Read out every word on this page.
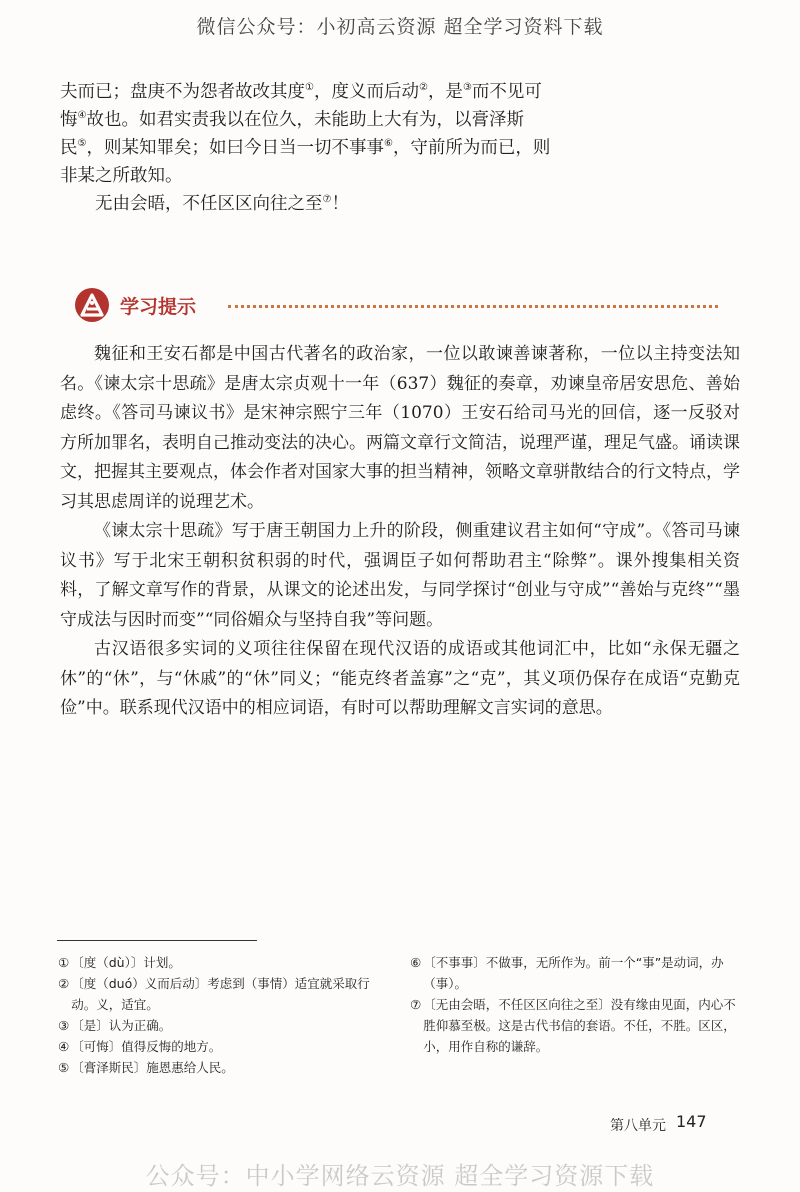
微信公众号：小初高云资源 超全学习资料下载

夫而已；盘庚不为怨者故改其度①，度义而后动②，是③而不见可
悔④故也。如君实责我以在位久，未能助上大有为，以膏泽斯
民⑤，则某知罪矣；如曰今日当一切不事事⑥，守前所为而已，则
非某之所敢知。

无由会晤，不任区区向往之至⑦！

学习提示

魏征和王安石都是中国古代著名的政治家，一位以敢谏善谏著称，一位以主持变法知名。《谏太宗十思疏》是唐太宗贞观十一年（637）魏征的奏章，劝谏皇帝居安思危、善始虑终。《答司马谏议书》是宋神宗熙宁三年（1070）王安石给司马光的回信，逐一反驳对方所加罪名，表明自己推动变法的决心。两篇文章行文简洁，说理严谨，理足气盛。诵读课文，把握其主要观点，体会作者对国家大事的担当精神，领略文章骈散结合的行文特点，学习其思虑周详的说理艺术。

《谏太宗十思疏》写于唐王朝国力上升的阶段，侧重建议君主如何“守成”。《答司马谏议书》写于北宋王朝积贫积弱的时代，强调臣子如何帮助君主“除弊”。课外搜集相关资料，了解文章写作的背景，从课文的论述出发，与同学探讨“创业与守成”“善始与克终”“墨守成法与因时而变”“同俗媚众与坚持自我”等问题。

古汉语很多实词的义项往往保留在现代汉语的成语或其他词汇中，比如“永保无疆之休”的“休”，与“休戚”的“休”同义；“能克终者盖寡”之“克”，其义项仍保存在成语“克勤克俭”中。联系现代汉语中的相应词语，有时可以帮助理解文言实词的意思。

① 〔度（dù）〕计划。
② 〔度（duó）义而后动〕考虑到（事情）适宜就采取行动。义，适宜。
③ 〔是〕认为正确。
④ 〔可悔〕值得反悔的地方。
⑤ 〔膏泽斯民〕施恩惠给人民。
⑥ 〔不事事〕不做事，无所作为。前一个“事”是动词，办（事）。
⑦ 〔无由会晤，不任区区向往之至〕没有缘由见面，内心不胜仰慕至极。这是古代书信的套语。不任，不胜。区区，小，用作自称的谦辞。
第八单元 147
公众号：中小学网络云资源 超全学习资源下载
